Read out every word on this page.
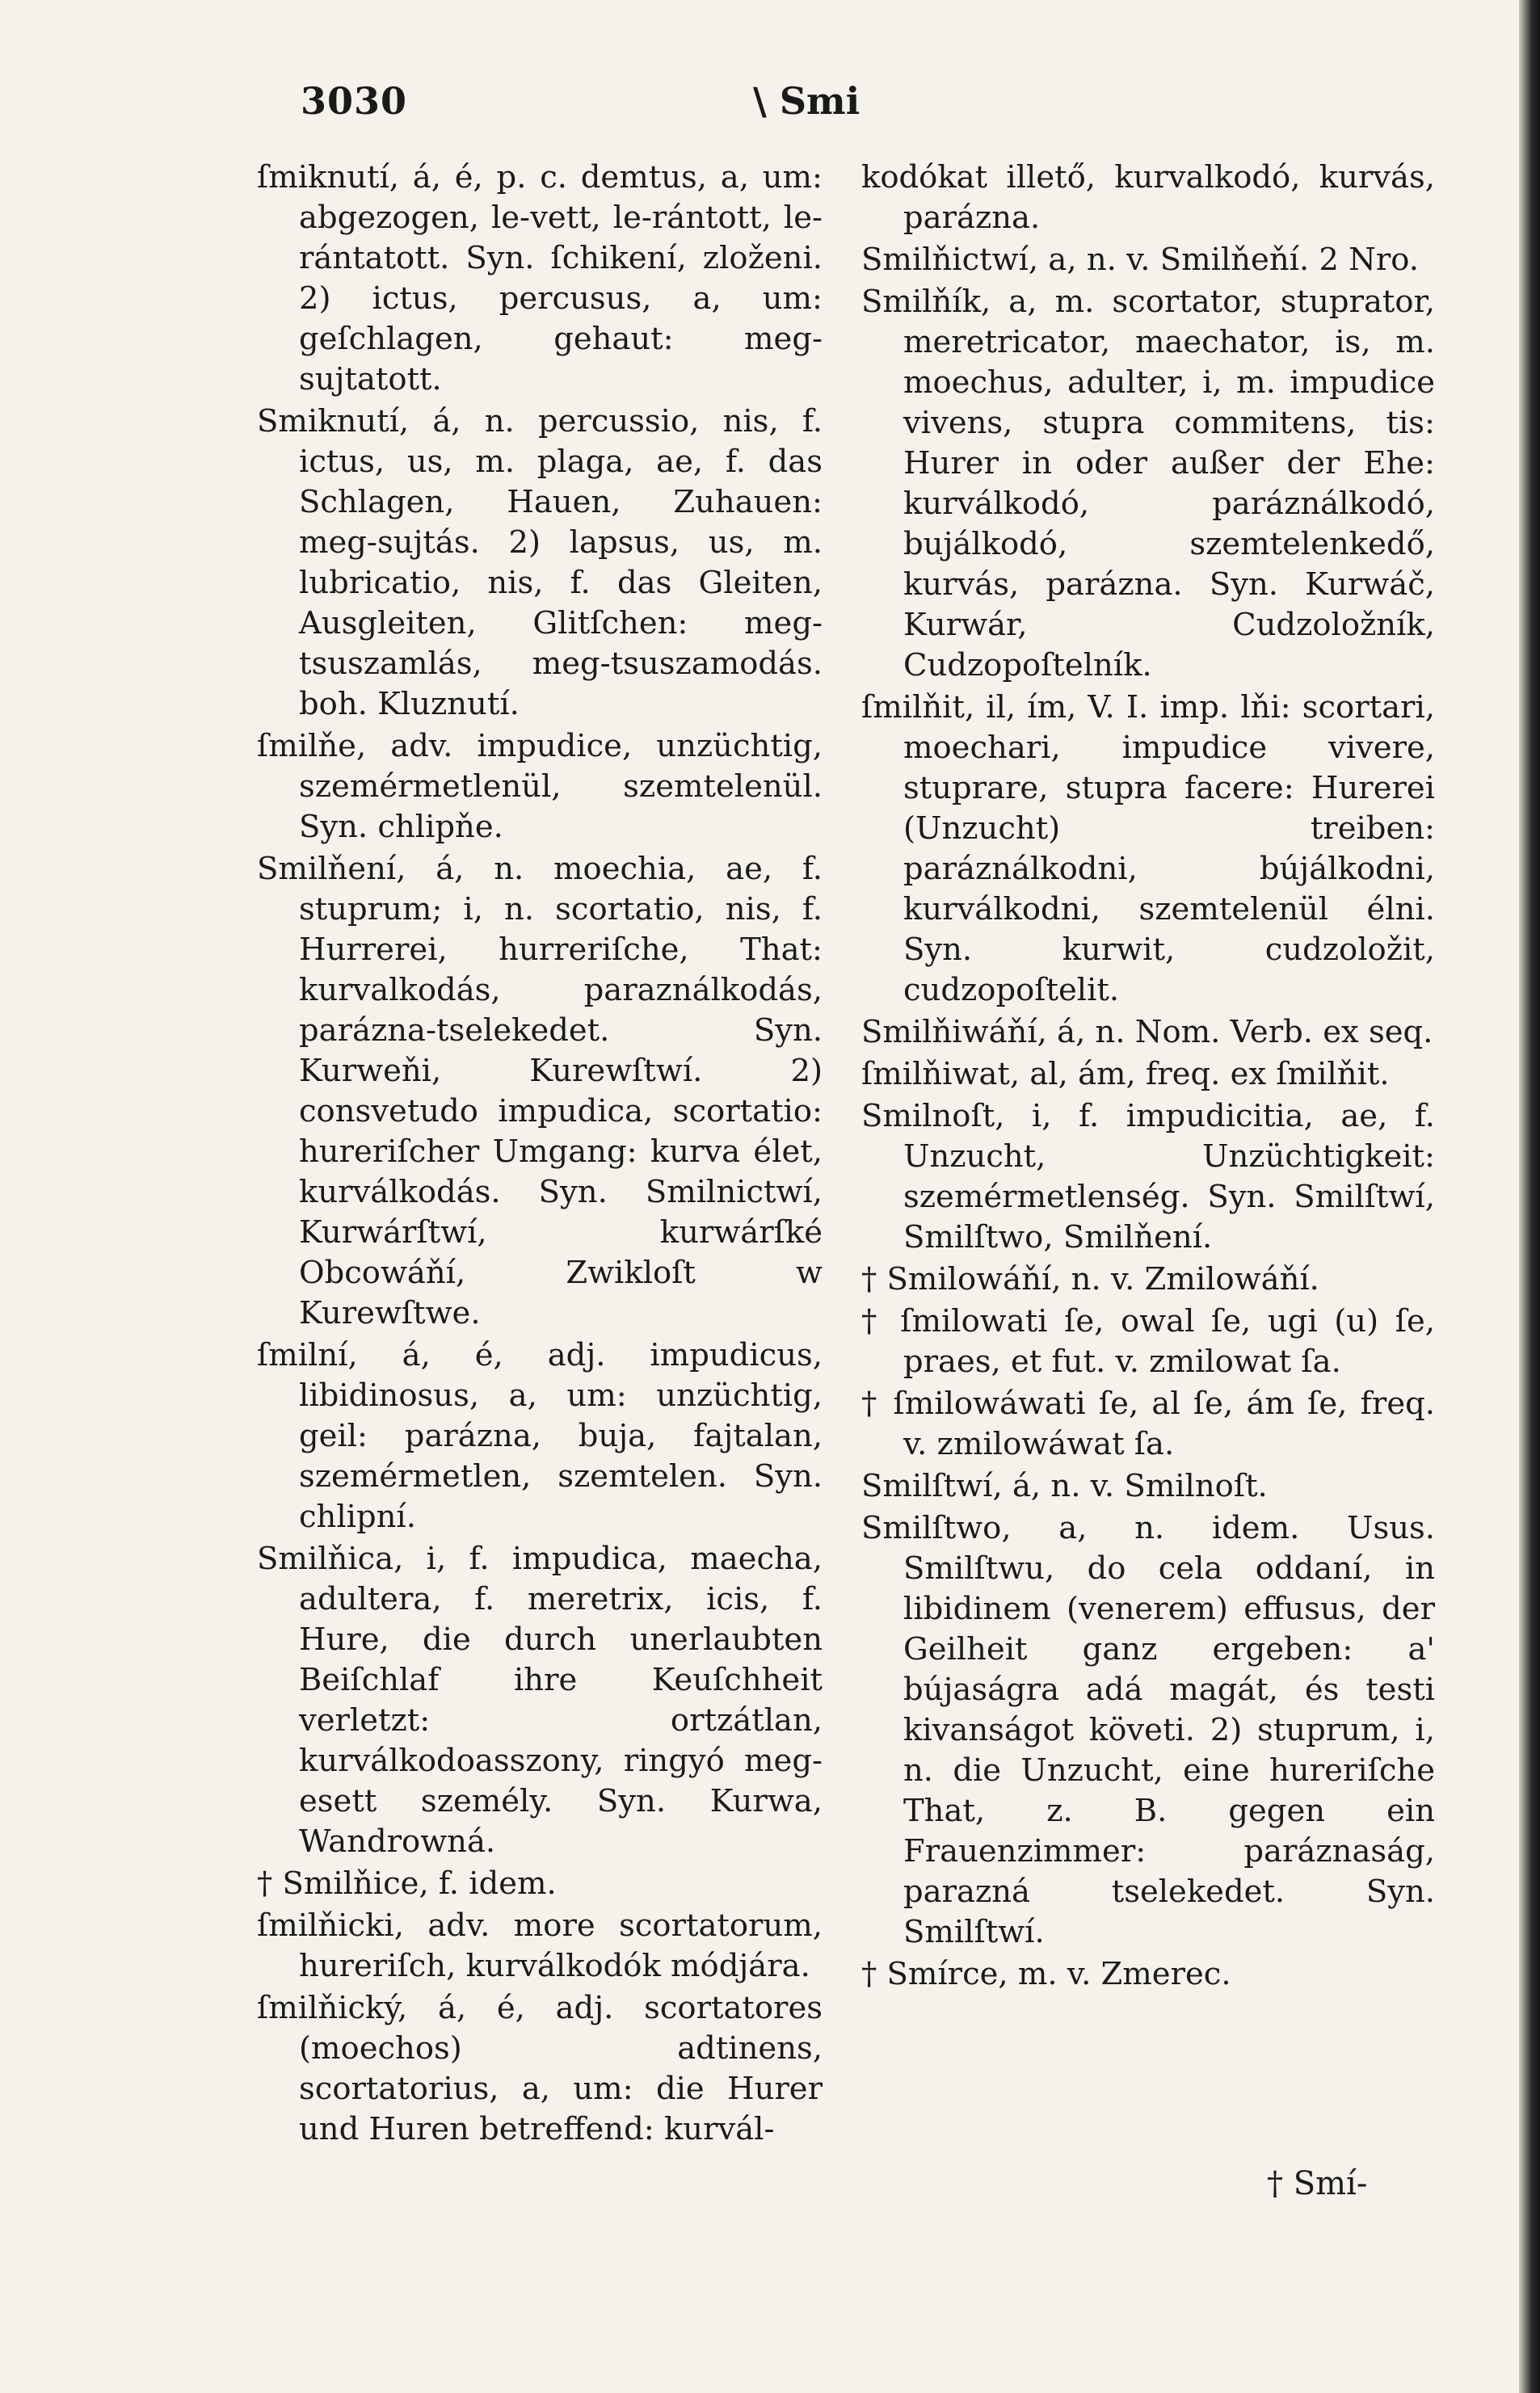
3030	\ Smi

ſmiknutí, á, é, p. c. demtus, a, um: abgezogen, le-vett, le-rántott, le-rántatott. Syn. ſchikení, zloženi. 2) ictus, percusus, a, um: geſchlagen, gehaut: meg-sujtatott.

Smiknutí, á, n. percussio, nis, f. ictus, us, m. plaga, ae, f. das Schlagen, Hauen, Zuhauen: meg-sujtás. 2) lapsus, us, m. lubricatio, nis, f. das Gleiten, Ausgleiten, Glitſchen: meg-tsuszamlás, meg-tsuszamodás. boh. Kluznutí.

ſmilňe, adv. impudice, unzüchtig, szemérmetlenül, szemtelenül. Syn. chlipňe.

Smilňení, á, n. moechia, ae, f. stuprum; i, n. scortatio, nis, f. Hurrerei, hurreriſche, That: kurvalkodás, paraználkodás, parázna-tselekedet. Syn. Kurweňi, Kurewſtwí. 2) consvetudo impudica, scortatio: hureriſcher Umgang: kurva élet, kurválkodás. Syn. Smilnictwí, Kurwárſtwí, kurwárſké Obcowáňí, Zwikloſt w Kurewſtwe.

ſmilní, á, é, adj. impudicus, libidinosus, a, um: unzüchtig, geil: parázna, buja, fajtalan, szemérmetlen, szemtelen. Syn. chlipní.

Smilňica, i, f. impudica, maecha, adultera, f. meretrix, icis, f. Hure, die durch unerlaubten Beiſchlaf ihre Keuſchheit verletzt: ortzátlan, kurválkodoasszony, ringyó meg-esett személy. Syn. Kurwa, Wandrowná.

† Smilňice, f. idem.

ſmilňicki, adv. more scortatorum, hureriſch, kurválkodók módjára.

ſmilňický, á, é, adj. scortatores (moechos) adtinens, scortatorius, a, um: die Hurer und Huren betreffend: kurvál-

kodókat illető, kurvalkodó, kurvás, parázna.

Smilňictwí, a, n. v. Smilňeňí. 2 Nro.

Smilňík, a, m. scortator, stuprator, meretricator, maechator, is, m. moechus, adulter, i, m. impudice vivens, stupra commitens, tis: Hurer in oder außer der Ehe: kurválkodó, paráználkodó, bujálkodó, szemtelenkedő, kurvás, parázna. Syn. Kurwáč, Kurwár, Cudzoložník, Cudzopoſtelník.

ſmilňit, il, ím, V. I. imp. lňi: scortari, moechari, impudice vivere, stuprare, stupra facere: Hurerei (Unzucht) treiben: paráználkodni, bújálkodni, kurválkodni, szemtelenül élni. Syn. kurwit, cudzoložit, cudzopoſtelit.

Smilňiwáňí, á, n. Nom. Verb. ex seq.

ſmilňiwat, al, ám, freq. ex ſmilňit.

Smilnoſt, i, f. impudicitia, ae, f. Unzucht, Unzüchtigkeit: szemérmetlenség. Syn. Smilſtwí, Smilſtwo, Smilňení.

† Smilowáňí, n. v. Zmilowáňí.

† ſmilowati ſe, owal ſe, ugi (u) ſe, praes, et fut. v. zmilowat ſa.

† ſmilowáwati ſe, al ſe, ám ſe, freq. v. zmilowáwat ſa.

Smilſtwí, á, n. v. Smilnoſt.

Smilſtwo, a, n. idem. Usus. Smilſtwu, do cela oddaní, in libidinem (venerem) effusus, der Geilheit ganz ergeben: a' bújaságra adá magát, és testi kivanságot követi. 2) stuprum, i, n. die Unzucht, eine hureriſche That, z. B. gegen ein Frauenzimmer: paráznaság, parazná tselekedet. Syn. Smilſtwí.

† Smírce, m. v. Zmerec.

† Smí-
